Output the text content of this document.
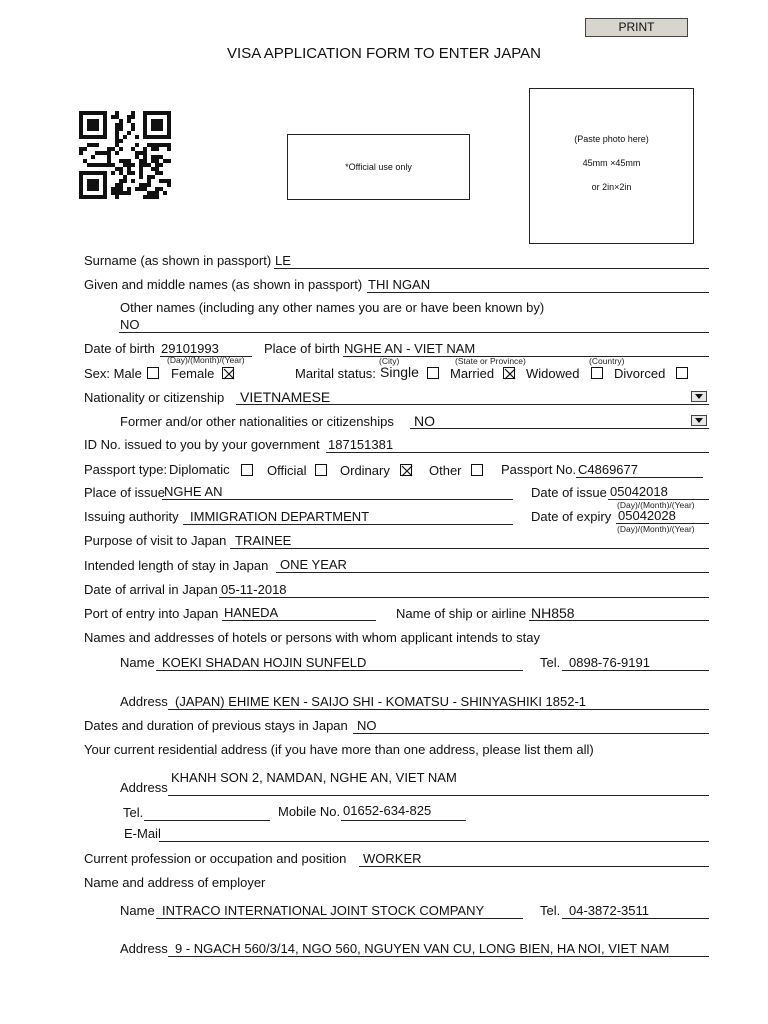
PRINT
VISA APPLICATION FORM TO ENTER JAPAN
*Official use only
(Paste photo here)
45mm ×45mm
or 2in×2in
Surname (as shown in passport) LE
Given and middle names (as shown in passport) THI NGAN
Other names (including any other names you are or have been known by)
NO
Date of birth 29101993
(Day)/(Month)/(Year)
Place of birth NGHE AN - VIET NAM
(City)	(State or Province)	(Country)
Sex: Male Female	Marital status: Single Married Widowed	Divorced
Nationality or citizenship VIETNAMESE
Former and/or other nationalities or citizenships NO
ID No. issued to you by your government 187151381
Passport type: Diplomatic	Official	Ordinary	Other	Passport No. C4869677
Place of issue NGHE AN	Date of issue 05042018
(Day)/(Month)/(Year)
Issuing authority IMMIGRATION DEPARTMENT	Date of expiry 05042028
(Day)/(Month)/(Year)
Purpose of visit to Japan TRAINEE
Intended length of stay in Japan ONE YEAR
Date of arrival in Japan 05-11-2018
Port of entry into Japan HANEDA	Name of ship or airline NH858
Names and addresses of hotels or persons with whom applicant intends to stay
Name KOEKI SHADAN HOJIN SUNFELD	Tel. 0898-76-9191
Address (JAPAN) EHIME KEN - SAIJO SHI - KOMATSU - SHINYASHIKI 1852-1
Dates and duration of previous stays in Japan NO
Your current residential address (if you have more than one address, please list them all)
Address
KHANH SON 2, NAMDAN, NGHE AN, VIET NAM
Tel.	Mobile No. 01652-634-825
E-Mail
Current profession or occupation and position WORKER
Name and address of employer
Name INTRACO INTERNATIONAL JOINT STOCK COMPANY	Tel. 04-3872-3511
Address 9 - NGACH 560/3/14, NGO 560, NGUYEN VAN CU, LONG BIEN, HA NOI, VIET NAM
